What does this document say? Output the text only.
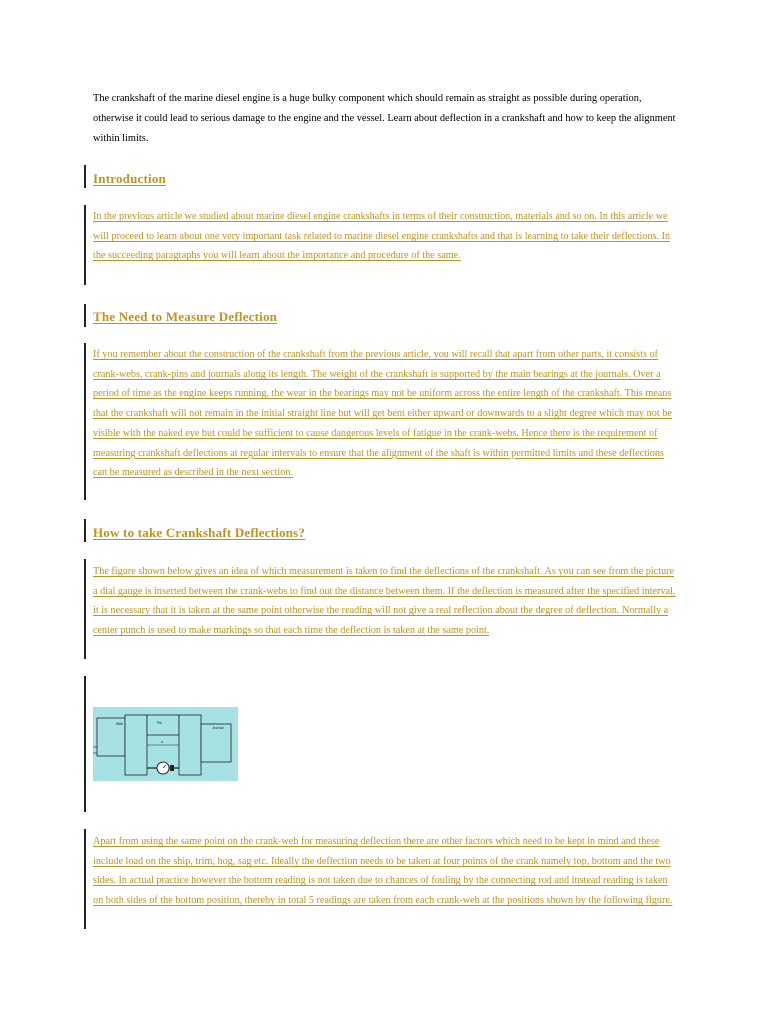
The crankshaft of the marine diesel engine is a huge bulky component which should remain as straight as possible during operation, otherwise it could lead to serious damage to the engine and the vessel. Learn about deflection in a crankshaft and how to keep the alignment within limits.

Introduction

In the previous article we studied about marine diesel engine crankshafts in terms of their construction, materials and so on. In this article we will proceed to learn about one very important task related to marine diesel engine crankshafts and that is learning to take their deflections. In the succeeding paragraphs you will learn about the importance and procedure of the same.

The Need to Measure Deflection

If you remember about the construction of the crankshaft from the previous article, you will recall that apart from other parts, it consists of crank-webs, crank-pins and journals along its length. The weight of the crankshaft is supported by the main bearings at the journals. Over a period of time as the engine keeps running, the wear in the bearings may not be uniform across the entire length of the crankshaft. This means that the crankshaft will not remain in the initial straight line but will get bent either upward or downwards to a slight degree which may not be visible with the naked eye but could be sufficient to cause dangerous levels of fatigue in the crank-webs. Hence there is the requirement of measuring crankshaft deflections at regular intervals to ensure that the alignment of the shaft is within permitted limits and these deflections can be measured as described in the next section.

How to take Crankshaft Deflections?

The figure shown below gives an idea of which measurement is taken to find the deflections of the crankshaft. As you can see from the picture a dial gauge is inserted between the crank-webs to find out the distance between them. If the deflection is measured after the specified interval, it is necessary that it is taken at the same point otherwise the reading will not give a real reflection about the degree of deflection. Normally a center punch is used to make markings so that each time the deflection is taken at the same point.

Web	Pin
d
Journal

Apart from using the same point on the crank-web for measuring deflection there are other factors which need to be kept in mind and these include load on the ship, trim, hog, sag etc. Ideally the deflection needs to be taken at four points of the crank namely top, bottom and the two sides. In actual practice however the bottom reading is not taken due to chances of fouling by the connecting rod and instead reading is taken on both sides of the bottom position, thereby in total 5 readings are taken from each crank-web at the positions shown by the following figure.
